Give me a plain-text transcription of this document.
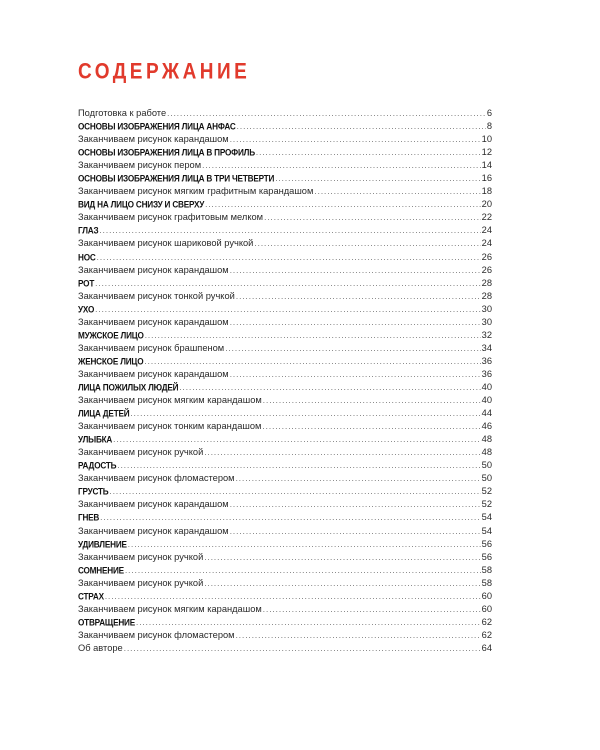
СОДЕРЖАНИЕ
Подготовка к работе .....	6
ОСНОВЫ ИЗОБРАЖЕНИЯ ЛИЦА АНФАС .....	8
Заканчиваем рисунок карандашом .....	10
ОСНОВЫ ИЗОБРАЖЕНИЯ ЛИЦА В ПРОФИЛЬ .....	12
Заканчиваем рисунок пером .....	14
ОСНОВЫ ИЗОБРАЖЕНИЯ ЛИЦА В ТРИ ЧЕТВЕРТИ .....	16
Заканчиваем рисунок мягким графитным карандашом .....	18
ВИД НА ЛИЦО СНИЗУ И СВЕРХУ .....	20
Заканчиваем рисунок графитовым мелком .....	22
ГЛАЗ .....	24
Заканчиваем рисунок шариковой ручкой .....	24
НОС .....	26
Заканчиваем рисунок карандашом .....	26
РОТ .....	28
Заканчиваем рисунок тонкой ручкой .....	28
УХО .....	30
Заканчиваем рисунок карандашом .....	30
МУЖСКОЕ ЛИЦО .....	32
Заканчиваем рисунок брашпеном .....	34
ЖЕНСКОЕ ЛИЦО .....	36
Заканчиваем рисунок карандашом .....	36
ЛИЦА ПОЖИЛЫХ ЛЮДЕЙ .....	40
Заканчиваем рисунок мягким карандашом .....	40
ЛИЦА ДЕТЕЙ .....	44
Заканчиваем рисунок тонким карандашом .....	46
УЛЫБКА .....	48
Заканчиваем рисунок ручкой .....	48
РАДОСТЬ .....	50
Заканчиваем рисунок фломастером .....	50
ГРУСТЬ .....	52
Заканчиваем рисунок карандашом .....	52
ГНЕВ .....	54
Заканчиваем рисунок карандашом .....	54
УДИВЛЕНИЕ .....	56
Заканчиваем рисунок ручкой .....	56
СОМНЕНИЕ .....	58
Заканчиваем рисунок ручкой .....	58
СТРАХ .....	60
Заканчиваем рисунок мягким карандашом .....	60
ОТВРАЩЕНИЕ .....	62
Заканчиваем рисунок фломастером .....	62
Об авторе .....	64
